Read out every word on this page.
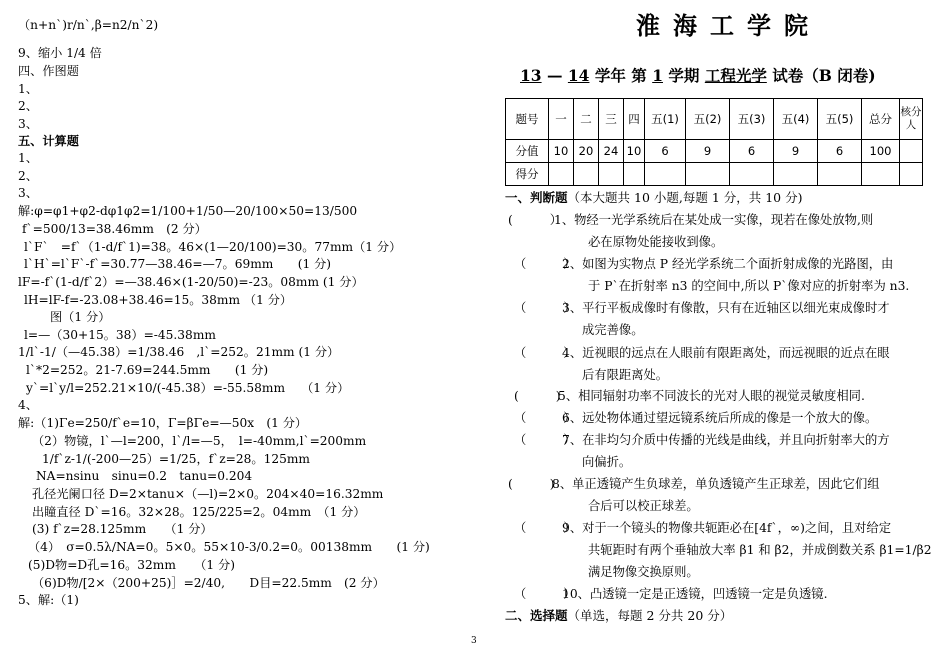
（n+n`)r/n`,β=n2/n`2)
9、缩小 1/4 倍
四、作图题
1、
2、
3、
五、计算题
1、
2、
3、
解:φ=φ1+φ2-dφ1φ2=1/100+1/50—20/100×50=13/500
f`=500/13=38.46mm　(2 分）
l`F`　=f`（1-d/f`1)=38。46×(1—20/100)=30。77mm（1 分）
l`H`=l`F`-f`=30.77—38.46=—7。69mm　　(1 分)
lF=-f`(1-d/f`2）=—38.46×(1-20/50)=-23。08mm (1 分）
lH=lF-f=-23.08+38.46=15。38mm （1 分）
图（1 分）
l=—（30+15。38）=-45.38mm
1/l`-1/（—45.38）=1/38.46　,l`=252。21mm (1 分）
l`*2=252。21-7.69=244.5mm　　(1 分)
y`=l`y/l=252.21×10/(-45.38）=-55.58mm　 （1 分）
4、
解:（1)Γe=250/f`e=10，Γ=βΓe=—50x　(1 分）
（2）物镜，l`—l=200，l`/l=—5，　l=-40mm,l`=200mm
1/f`z-1/(-200—25）=1/25，f`z=28。125mm
NA=nsinu　sinu=0.2　tanu=0.204
孔径光阑口径 D=2×tanu×（—l)=2×0。204×40=16.32mm
出瞳直径 D`=16。32×28。125/225=2。04mm　（1 分）
(3) f`z=28.125mm　　（1 分）
（4）　σ=0.5λ/NA=0。5×0。55×10-3/0.2=0。00138mm　　(1 分)
(5)D物=D孔=16。32mm　　（1 分)
（6)D物/[2×（200+25)］=2/40,　　D目=22.5mm　(2 分）
5、解:（1)
3
淮海工学院
13 — 14 学年 第 1 学期 工程光学 试卷（B 闭卷)
题号	一	二	三	四	五(1)	五(2)	五(3)	五(4)	五(5)	总分	核分人
分值	10	20	24	10	6	9	6	9	6	100	
得分											
一、判断题（本大题共 10 小题,每题 1 分，共 10 分)
(　　　）
1、物经一光学系统后在某处成一实像，现若在像处放物,则
必在原物处能接收到像。
（　　　）
2、如图为实物点 P 经光学系统二个面折射成像的光路图，由
于 P`在折射率 n3 的空间中,所以 P`像对应的折射率为 n3.
（　　　）
3、平行平板成像时有像散，只有在近轴区以细光束成像时才
成完善像。
（　　　）
4、近视眼的远点在人眼前有限距离处，而远视眼的近点在眼
后有限距离处。
(　　　)
5、相同辐射功率不同波长的光对人眼的视觉灵敏度相同.
（　　　）
6、远处物体通过望远镜系统后所成的像是一个放大的像。
（　　　）
7、在非均匀介质中传播的光线是曲线，并且向折射率大的方
向偏折。
(　　　)
8、单正透镜产生负球差，单负透镜产生正球差，因此它们组
合后可以校正球差。
（　　　）
9、对于一个镜头的物像共轭距必在[4f`，∞)之间，且对给定
共轭距时有两个垂轴放大率 β1 和 β2，并成倒数关系 β1=1/β2
满足物像交换原则。
（　　　）
10、凸透镜一定是正透镜，凹透镜一定是负透镜.
二、选择题（单选，每题 2 分共 20 分）
